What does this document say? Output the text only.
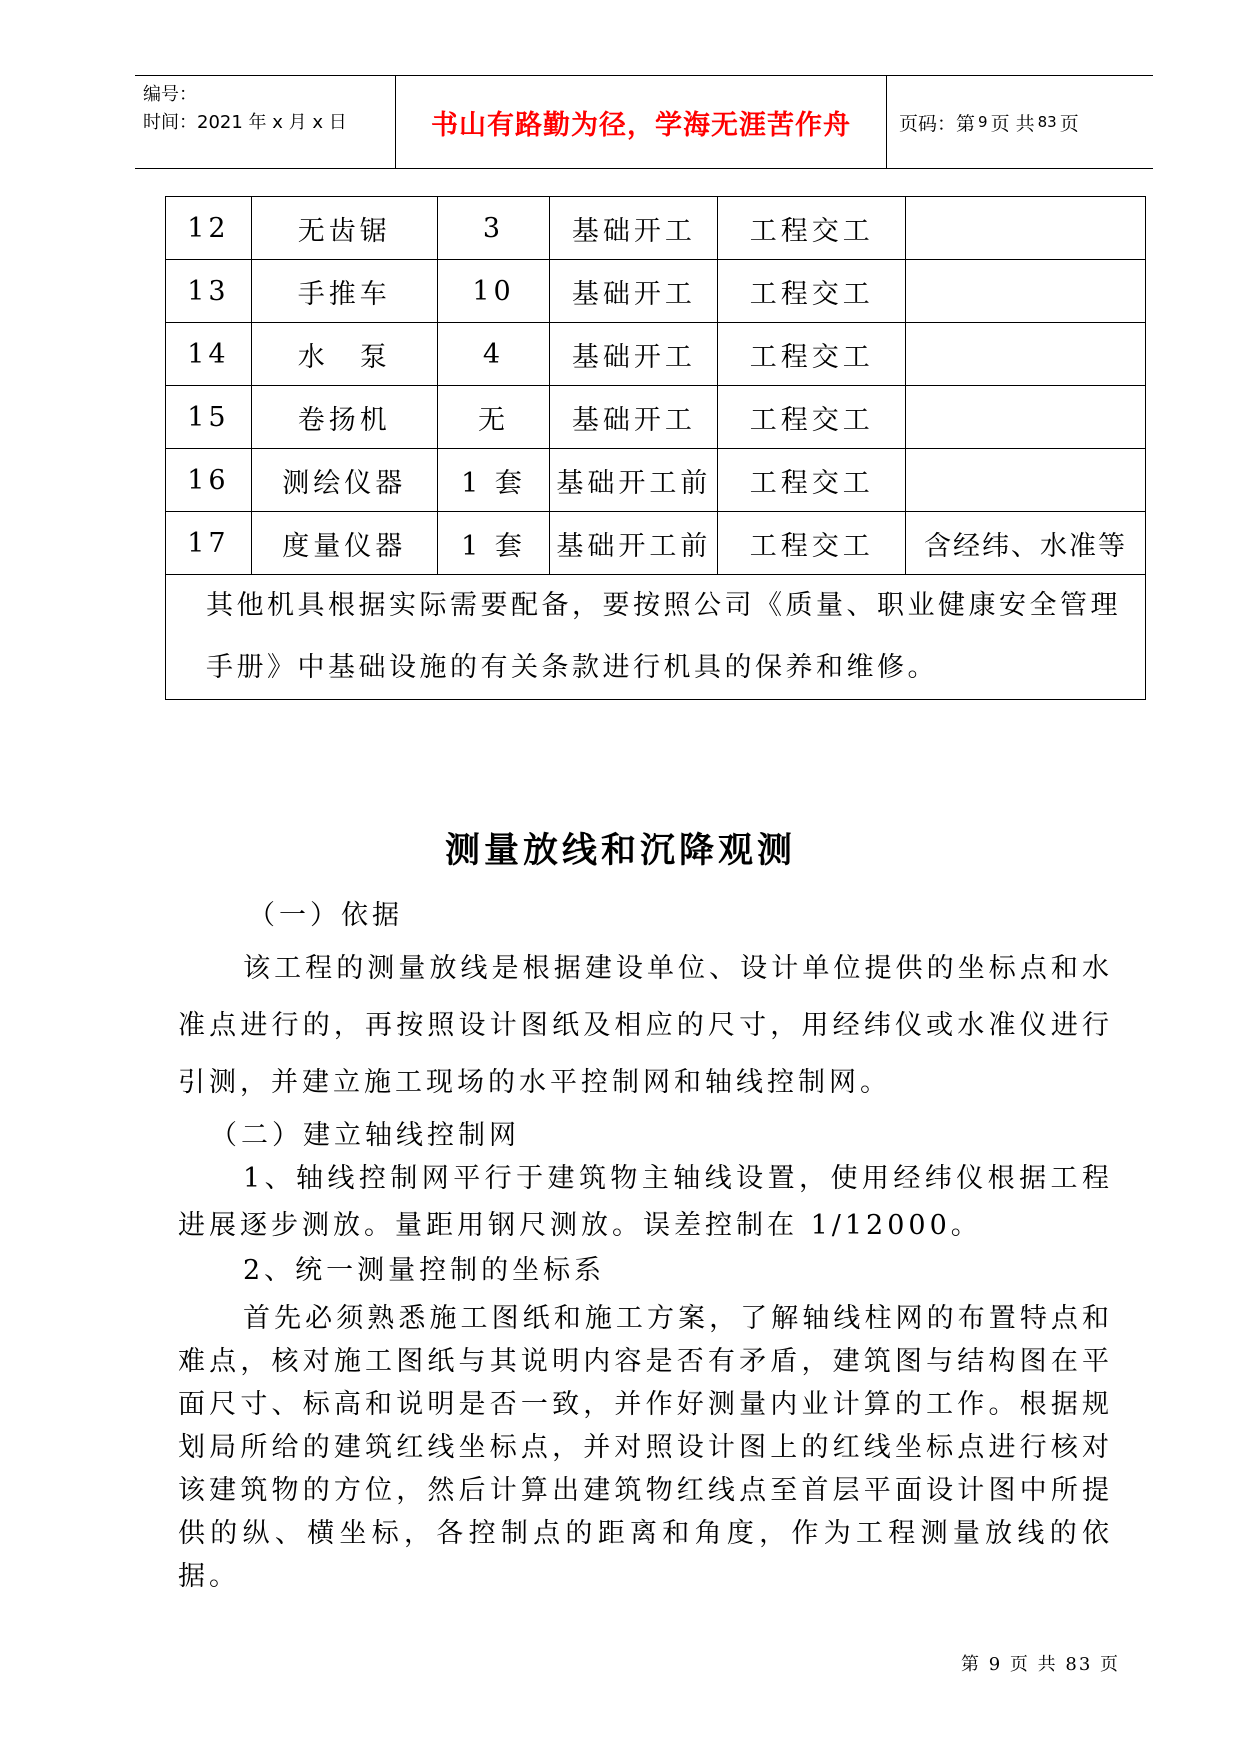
编号：
时间：2021 年 x 月 x 日	书山有路勤为径，学海无涯苦作舟	页码：第 9 页 共 83 页
12	无齿锯	3	基础开工	工程交工	
13	手推车	10	基础开工	工程交工	
14	水　泵	4	基础开工	工程交工	
15	卷扬机	无	基础开工	工程交工	
16	测绘仪器	1 套	基础开工前	工程交工	
17	度量仪器	1 套	基础开工前	工程交工	含经纬、水准等
其他机具根据实际需要配备，要按照公司《质量、职业健康安全管理手册》中基础设施的有关条款进行机具的保养和维修。					
测量放线和沉降观测
（一）依据

该工程的测量放线是根据建设单位、设计单位提供的坐标点和水准点进行的，再按照设计图纸及相应的尺寸，用经纬仪或水准仪进行引测，并建立施工现场的水平控制网和轴线控制网。

（二）建立轴线控制网

1、轴线控制网平行于建筑物主轴线设置，使用经纬仪根据工程进展逐步测放。量距用钢尺测放。误差控制在 1/12000。

2、统一测量控制的坐标系

首先必须熟悉施工图纸和施工方案，了解轴线柱网的布置特点和难点，核对施工图纸与其说明内容是否有矛盾，建筑图与结构图在平面尺寸、标高和说明是否一致，并作好测量内业计算的工作。根据规划局所给的建筑红线坐标点，并对照设计图上的红线坐标点进行核对该建筑物的方位，然后计算出建筑物红线点至首层平面设计图中所提供的纵、横坐标，各控制点的距离和角度，作为工程测量放线的依据。

第 9 页 共 83 页
